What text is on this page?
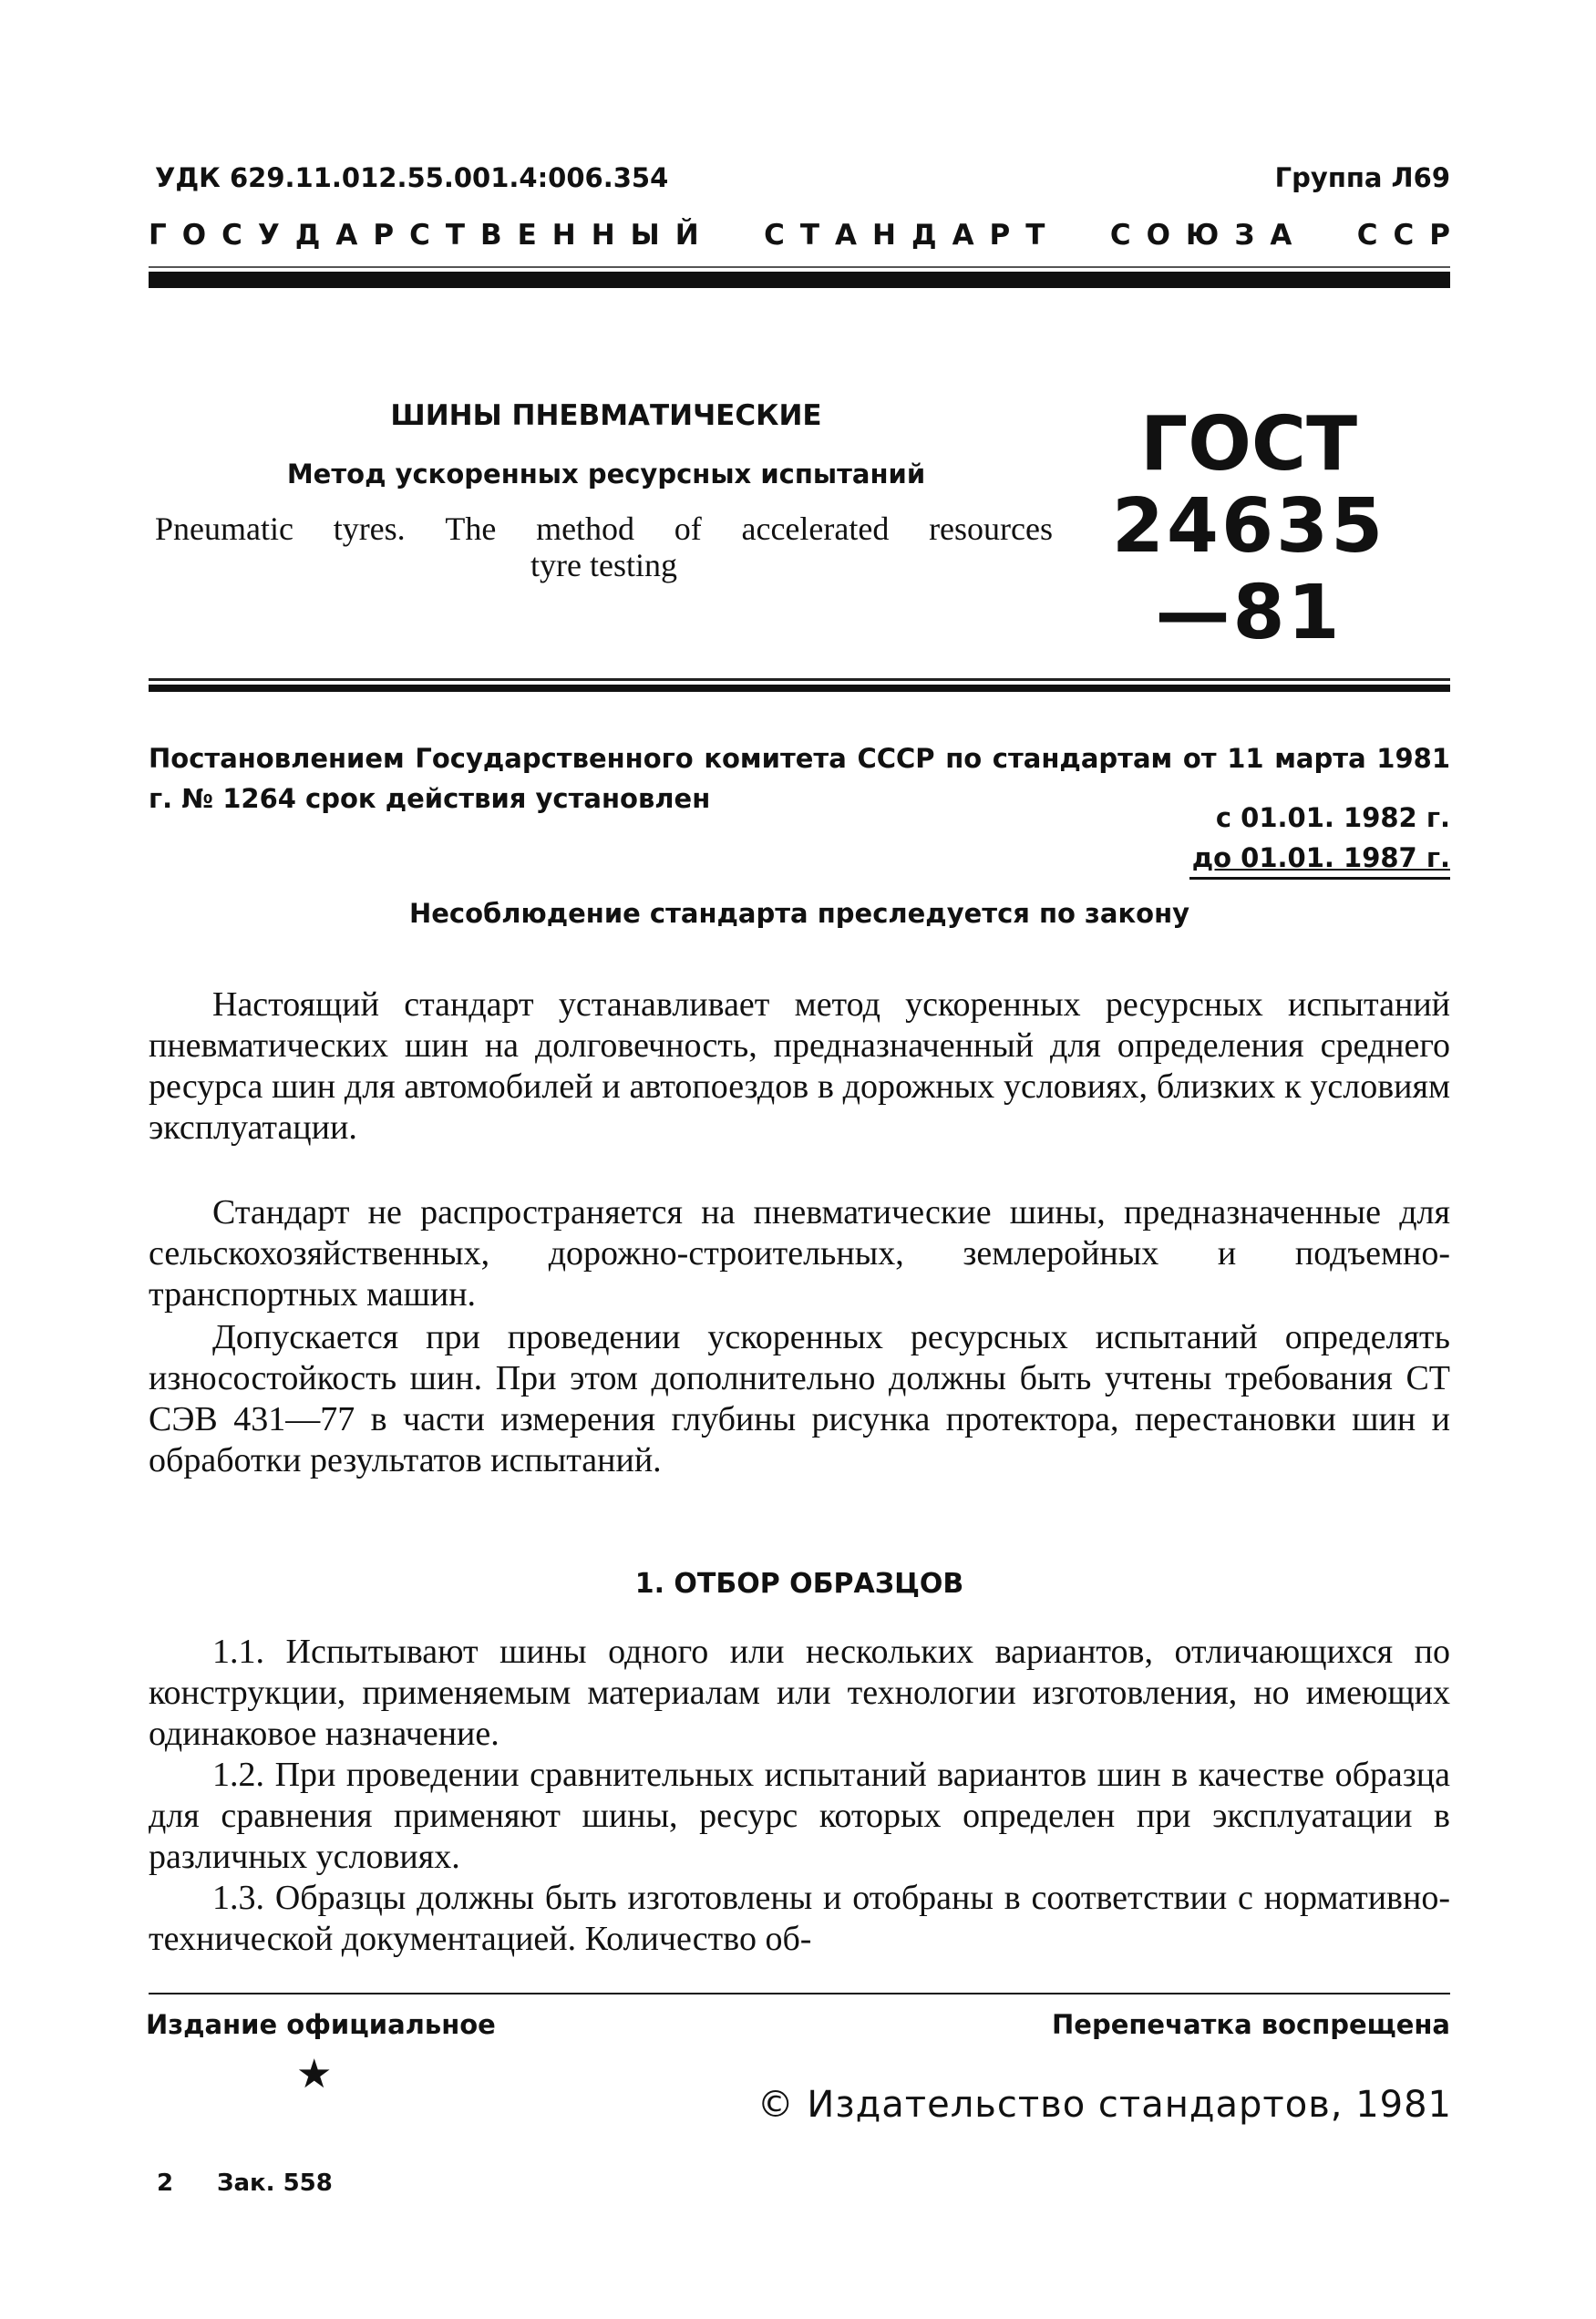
УДК 629.11.012.55.001.4:006.354	Группа Л69
ГОСУДАРСТВЕННЫЙ СТАНДАРТ СОЮЗА ССР
ШИНЫ ПНЕВМАТИЧЕСКИЕ
Метод ускоренных ресурсных испытаний
Pneumatic tyres. The method of accelerated resources
tyre testing
ГОСТ
24635—81
Постановлением Государственного комитета СССР по стандартам от 11 марта 1981 г. № 1264 срок действия установлен
с 01.01. 1982 г.
до 01.01. 1987 г.
Несоблюдение стандарта преследуется по закону
Настоящий стандарт устанавливает метод ускоренных ресурсных испытаний пневматических шин на долговечность, предназначенный для определения среднего ресурса шин для автомобилей и автопоездов в дорожных условиях, близких к условиям эксплуатации.
Стандарт не распространяется на пневматические шины, предназначенные для сельскохозяйственных, дорожно-строительных, землеройных и подъемно-транспортных машин.
Допускается при проведении ускоренных ресурсных испытаний определять износостойкость шин. При этом дополнительно должны быть учтены требования СТ СЭВ 431—77 в части измерения глубины рисунка протектора, перестановки шин и обработки результатов испытаний.
1. ОТБОР ОБРАЗЦОВ
1.1. Испытывают шины одного или нескольких вариантов, отличающихся по конструкции, применяемым материалам или технологии изготовления, но имеющих одинаковое назначение.
1.2. При проведении сравнительных испытаний вариантов шин в качестве образца для сравнения применяют шины, ресурс которых определен при эксплуатации в различных условиях.
1.3. Образцы должны быть изготовлены и отобраны в соответствии с нормативно-технической документацией. Количество об-
Издание официальное	Перепечатка воспрещена
★
© Издательство стандартов, 1981
2 Зак. 558
